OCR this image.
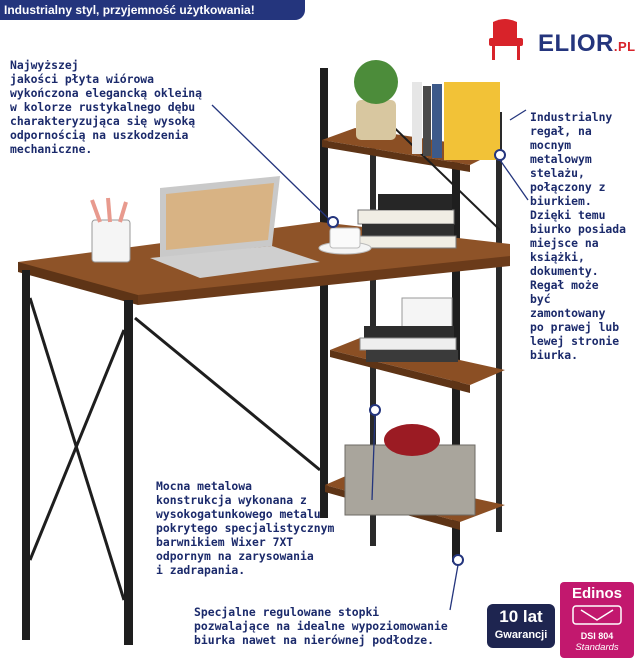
Industrialny styl, przyjemność użytkowania!
ELIOR.PL
Najwyższej
jakości płyta wiórowa
wykończona elegancką okleiną
w kolorze rustykalnego dębu
charakteryzująca się wysoką
odpornością na uszkodzenia
mechaniczne.
Industrialny
regał, na
mocnym
metalowym
stelażu,
połączony z
biurkiem.
Dzięki temu
biurko posiada
miejsce na
książki,
dokumenty.
Regał może
być
zamontowany
po prawej lub
lewej stronie
biurka.
Mocna metalowa
konstrukcja wykonana z
wysokogatunkowego metalu
pokrytego specjalistycznym
barwnikiem Wixer 7XT
odpornym na zarysowania
i zadrapania.
Specjalne regulowane stopki
pozwalające na idealne wypoziomowanie
biurka nawet na nierównej podłodze.
10 lat
Gwarancji
Edinos
DSI 804
Standards
